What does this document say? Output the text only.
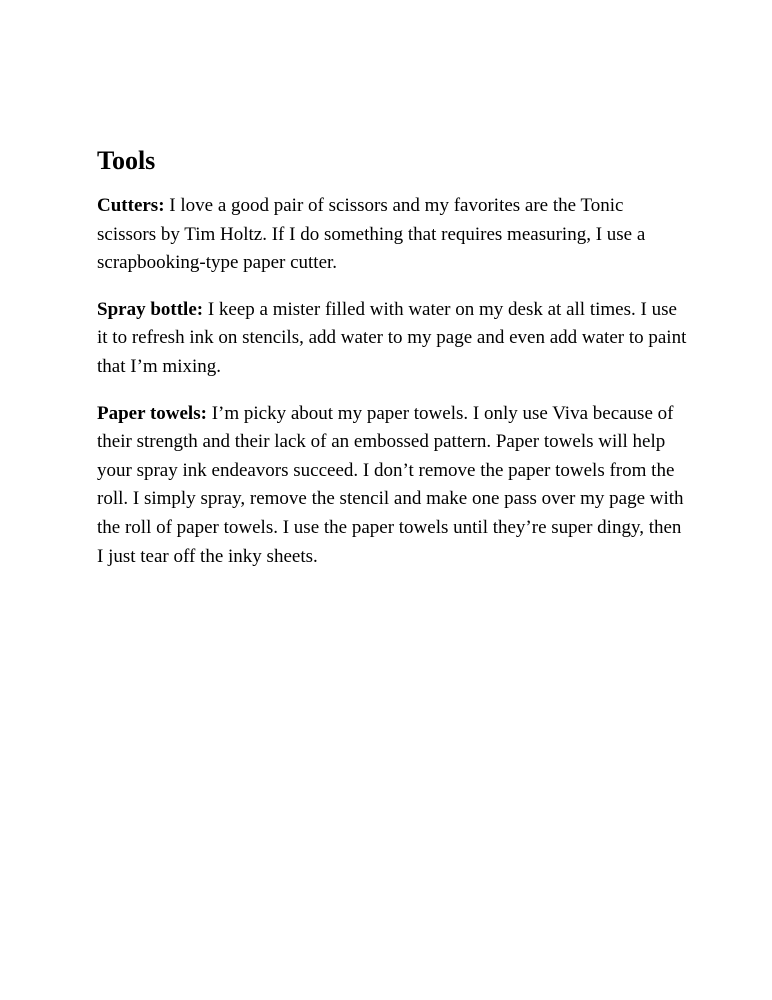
Tools

Cutters: I love a good pair of scissors and my favorites are the Tonic scissors by Tim Holtz. If I do something that requires measuring, I use a scrapbooking-type paper cutter.

Spray bottle: I keep a mister filled with water on my desk at all times. I use it to refresh ink on stencils, add water to my page and even add water to paint that I’m mixing.

Paper towels: I’m picky about my paper towels. I only use Viva because of their strength and their lack of an embossed pattern. Paper towels will help your spray ink endeavors succeed. I don’t remove the paper towels from the roll. I simply spray, remove the stencil and make one pass over my page with the roll of paper towels. I use the paper towels until they’re super dingy, then I just tear off the inky sheets.
